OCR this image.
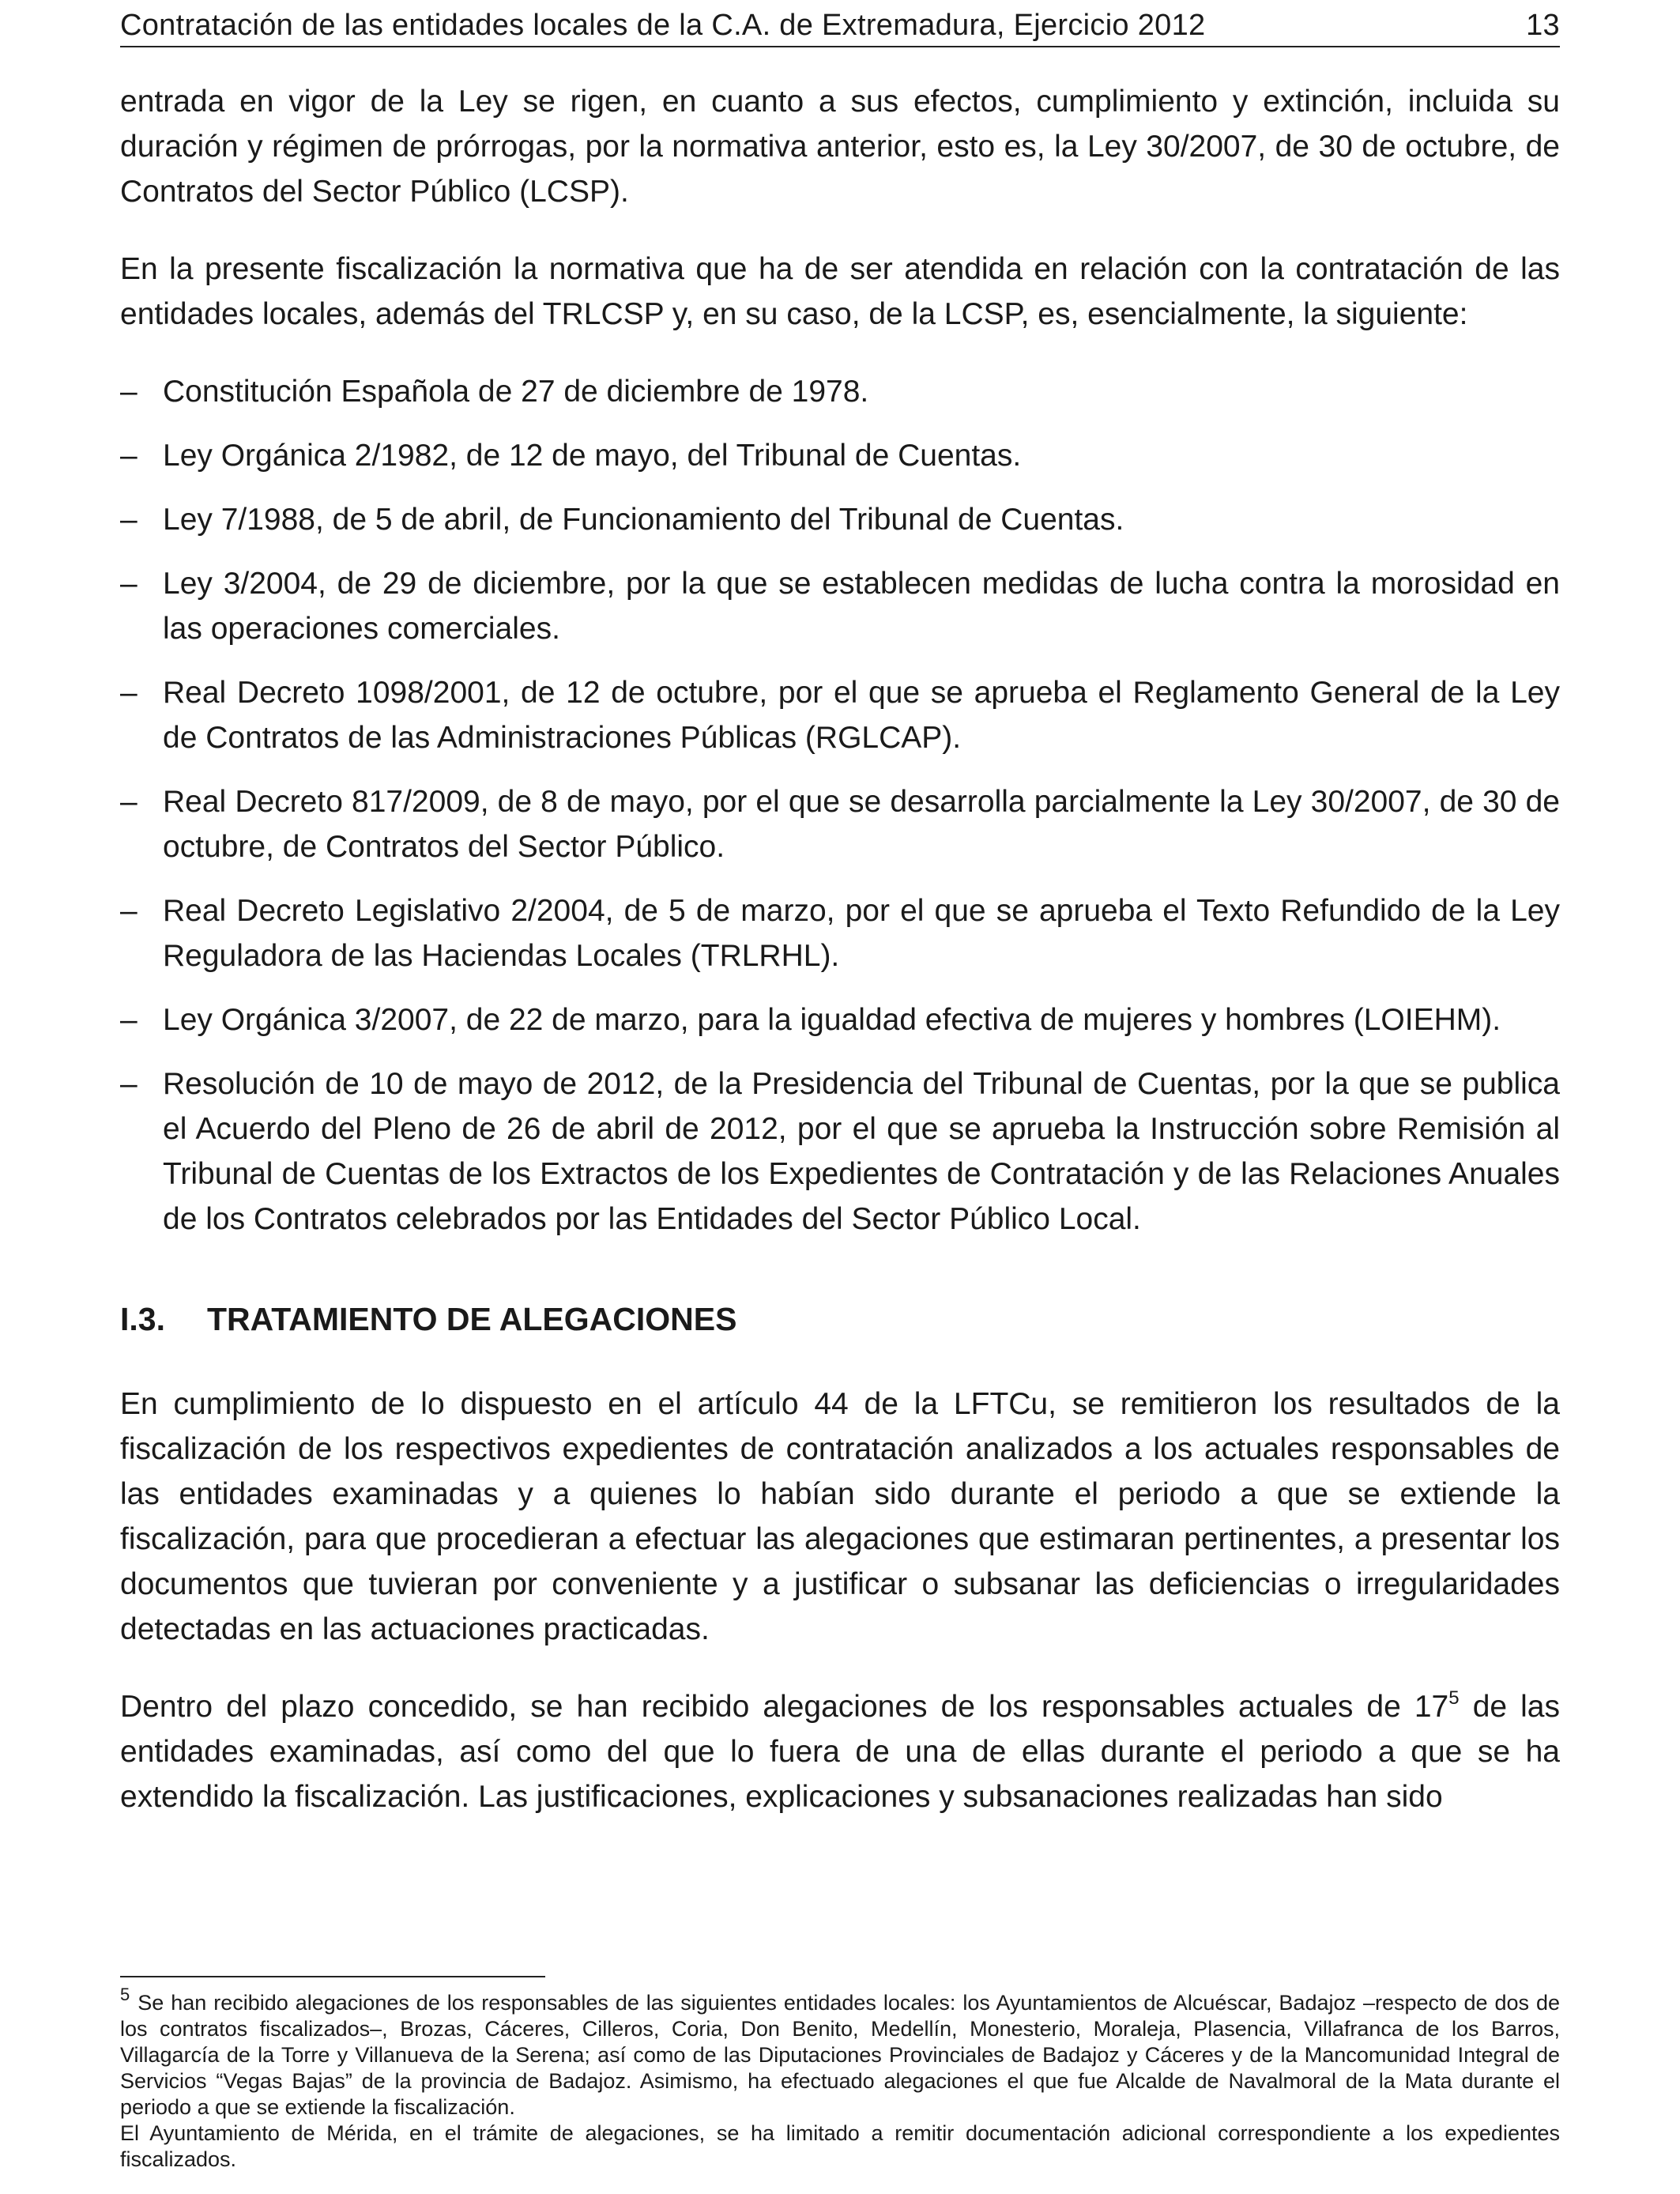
Contratación de las entidades locales de la C.A. de Extremadura, Ejercicio 2012	13

entrada en vigor de la Ley se rigen, en cuanto a sus efectos, cumplimiento y extinción, incluida su duración y régimen de prórrogas, por la normativa anterior, esto es, la Ley 30/2007, de 30 de octubre, de Contratos del Sector Público (LCSP).

En la presente fiscalización la normativa que ha de ser atendida en relación con la contratación de las entidades locales, además del TRLCSP y, en su caso, de la LCSP, es, esencialmente, la siguiente:

– Constitución Española de 27 de diciembre de 1978.
– Ley Orgánica 2/1982, de 12 de mayo, del Tribunal de Cuentas.
– Ley 7/1988, de 5 de abril, de Funcionamiento del Tribunal de Cuentas.
– Ley 3/2004, de 29 de diciembre, por la que se establecen medidas de lucha contra la morosidad en las operaciones comerciales.
– Real Decreto 1098/2001, de 12 de octubre, por el que se aprueba el Reglamento General de la Ley de Contratos de las Administraciones Públicas (RGLCAP).
– Real Decreto 817/2009, de 8 de mayo, por el que se desarrolla parcialmente la Ley 30/2007, de 30 de octubre, de Contratos del Sector Público.
– Real Decreto Legislativo 2/2004, de 5 de marzo, por el que se aprueba el Texto Refundido de la Ley Reguladora de las Haciendas Locales (TRLRHL).
– Ley Orgánica 3/2007, de 22 de marzo, para la igualdad efectiva de mujeres y hombres (LOIEHM).
– Resolución de 10 de mayo de 2012, de la Presidencia del Tribunal de Cuentas, por la que se publica el Acuerdo del Pleno de 26 de abril de 2012, por el que se aprueba la Instrucción sobre Remisión al Tribunal de Cuentas de los Extractos de los Expedientes de Contratación y de las Relaciones Anuales de los Contratos celebrados por las Entidades del Sector Público Local.
I.3.	TRATAMIENTO DE ALEGACIONES

En cumplimiento de lo dispuesto en el artículo 44 de la LFTCu, se remitieron los resultados de la fiscalización de los respectivos expedientes de contratación analizados a los actuales responsables de las entidades examinadas y a quienes lo habían sido durante el periodo a que se extiende la fiscalización, para que procedieran a efectuar las alegaciones que estimaran pertinentes, a presentar los documentos que tuvieran por conveniente y a justificar o subsanar las deficiencias o irregularidades detectadas en las actuaciones practicadas.

Dentro del plazo concedido, se han recibido alegaciones de los responsables actuales de $17^5$ de las entidades examinadas, así como del que lo fuera de una de ellas durante el periodo a que se ha extendido la fiscalización. Las justificaciones, explicaciones y subsanaciones realizadas han sido

$^5$ Se han recibido alegaciones de los responsables de las siguientes entidades locales: los Ayuntamientos de Alcuéscar, Badajoz –respecto de dos de los contratos fiscalizados–, Brozas, Cáceres, Cilleros, Coria, Don Benito, Medellín, Monesterio, Moraleja, Plasencia, Villafranca de los Barros, Villagarcía de la Torre y Villanueva de la Serena; así como de las Diputaciones Provinciales de Badajoz y Cáceres y de la Mancomunidad Integral de Servicios “Vegas Bajas” de la provincia de Badajoz. Asimismo, ha efectuado alegaciones el que fue Alcalde de Navalmoral de la Mata durante el periodo a que se extiende la fiscalización.

El Ayuntamiento de Mérida, en el trámite de alegaciones, se ha limitado a remitir documentación adicional correspondiente a los expedientes fiscalizados.
